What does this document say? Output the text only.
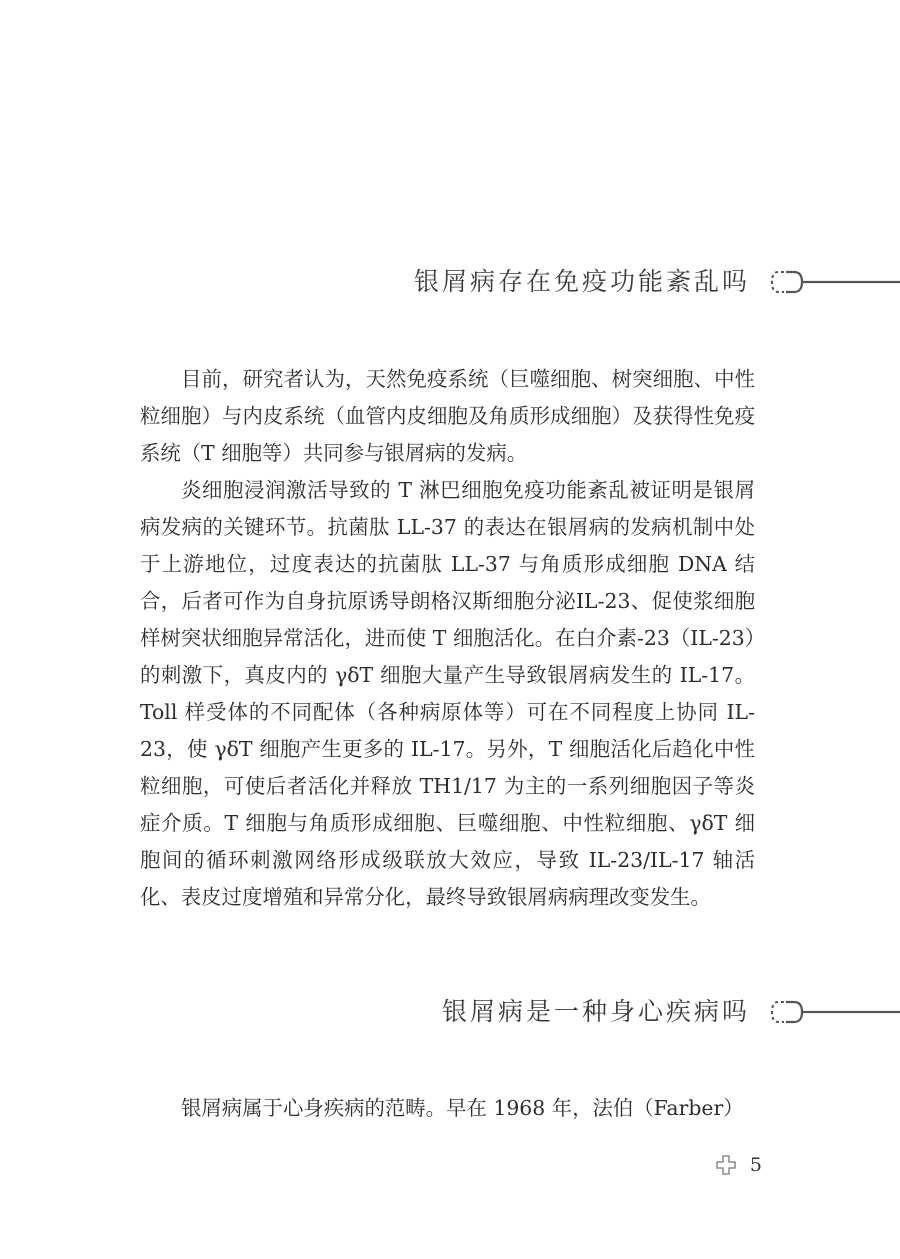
银屑病存在免疫功能紊乱吗

目前，研究者认为，天然免疫系统（巨噬细胞、树突细胞、中性粒细胞）与内皮系统（血管内皮细胞及角质形成细胞）及获得性免疫系统（T 细胞等）共同参与银屑病的发病。

炎细胞浸润激活导致的 T 淋巴细胞免疫功能紊乱被证明是银屑病发病的关键环节。抗菌肽 LL-37 的表达在银屑病的发病机制中处于上游地位，过度表达的抗菌肽 LL-37 与角质形成细胞 DNA 结合，后者可作为自身抗原诱导朗格汉斯细胞分泌IL-23、促使浆细胞样树突状细胞异常活化，进而使 T 细胞活化。在白介素-23（IL-23）的刺激下，真皮内的 γδT 细胞大量产生导致银屑病发生的 IL-17。Toll 样受体的不同配体（各种病原体等）可在不同程度上协同 IL-23，使 γδT 细胞产生更多的 IL-17。另外，T 细胞活化后趋化中性粒细胞，可使后者活化并释放 TH1/17 为主的一系列细胞因子等炎症介质。T 细胞与角质形成细胞、巨噬细胞、中性粒细胞、γδT 细胞间的循环刺激网络形成级联放大效应，导致 IL-23/IL-17 轴活化、表皮过度增殖和异常分化，最终导致银屑病病理改变发生。

银屑病是一种身心疾病吗

银屑病属于心身疾病的范畴。早在 1968 年，法伯（Farber）

5
